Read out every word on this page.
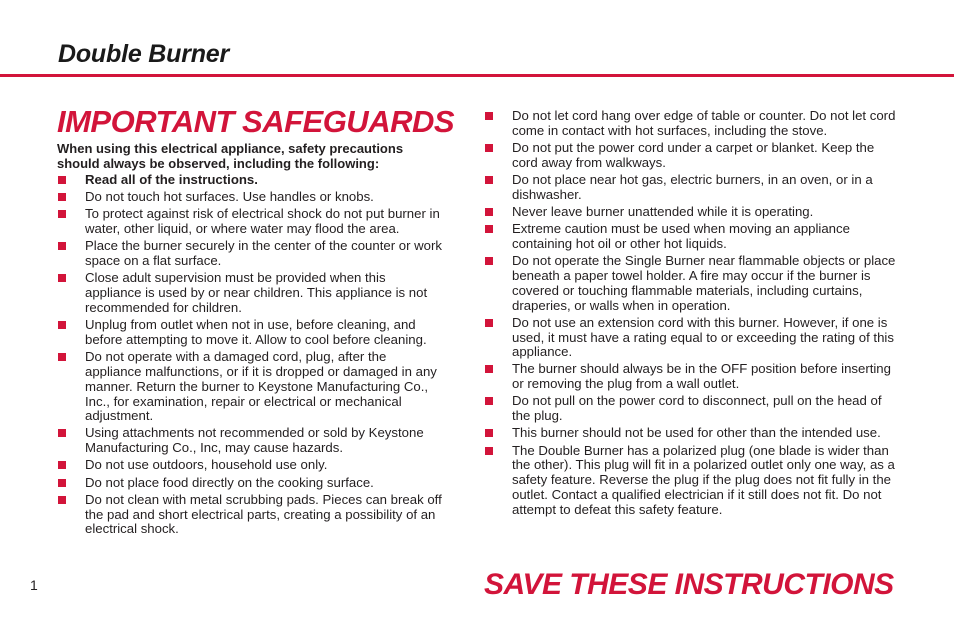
Double Burner
IMPORTANT SAFEGUARDS
When using this electrical appliance, safety precautions should always be observed, including the following:
Read all of the instructions.
Do not touch hot surfaces. Use handles or knobs.
To protect against risk of electrical shock do not put burner in water, other liquid, or where water may flood the area.
Place the burner securely in the center of the counter or work space on a flat surface.
Close adult supervision must be provided when this appliance is used by or near children. This appliance is not recommended for children.
Unplug from outlet when not in use, before cleaning, and before attempting to move it. Allow to cool before cleaning.
Do not operate with a damaged cord, plug, after the appliance malfunctions, or if it is dropped or damaged in any manner. Return the burner to Keystone Manufacturing Co., Inc., for examination, repair or electrical or mechanical adjustment.
Using attachments not recommended or sold by Keystone Manufacturing Co., Inc, may cause hazards.
Do not use outdoors, household use only.
Do not place food directly on the cooking surface.
Do not clean with metal scrubbing pads. Pieces can break off the pad and short electrical parts, creating a possibility of an electrical shock.
Do not let cord hang over edge of table or counter. Do not let cord come in contact with hot surfaces, including the stove.
Do not put the power cord under a carpet or blanket. Keep the cord away from walkways.
Do not place near hot gas, electric burners, in an oven, or in a dishwasher.
Never leave burner unattended while it is operating.
Extreme caution must be used when moving an appliance containing hot oil or other hot liquids.
Do not operate the Single Burner near flammable objects or place beneath a paper towel holder. A fire may occur if the burner is covered or touching flammable materials, including curtains, draperies, or walls when in operation.
Do not use an extension cord with this burner. However, if one is used, it must have a rating equal to or exceeding the rating of this appliance.
The burner should always be in the OFF position before inserting or removing the plug from a wall outlet.
Do not pull on the power cord to disconnect, pull on the head of the plug.
This burner should not be used for other than the intended use.
The Double Burner has a polarized plug (one blade is wider than the other). This plug will fit in a polarized outlet only one way, as a safety feature. Reverse the plug if the plug does not fit fully in the outlet. Contact a qualified electrician if it still does not fit. Do not attempt to defeat this safety feature.
SAVE THESE INSTRUCTIONS
1
